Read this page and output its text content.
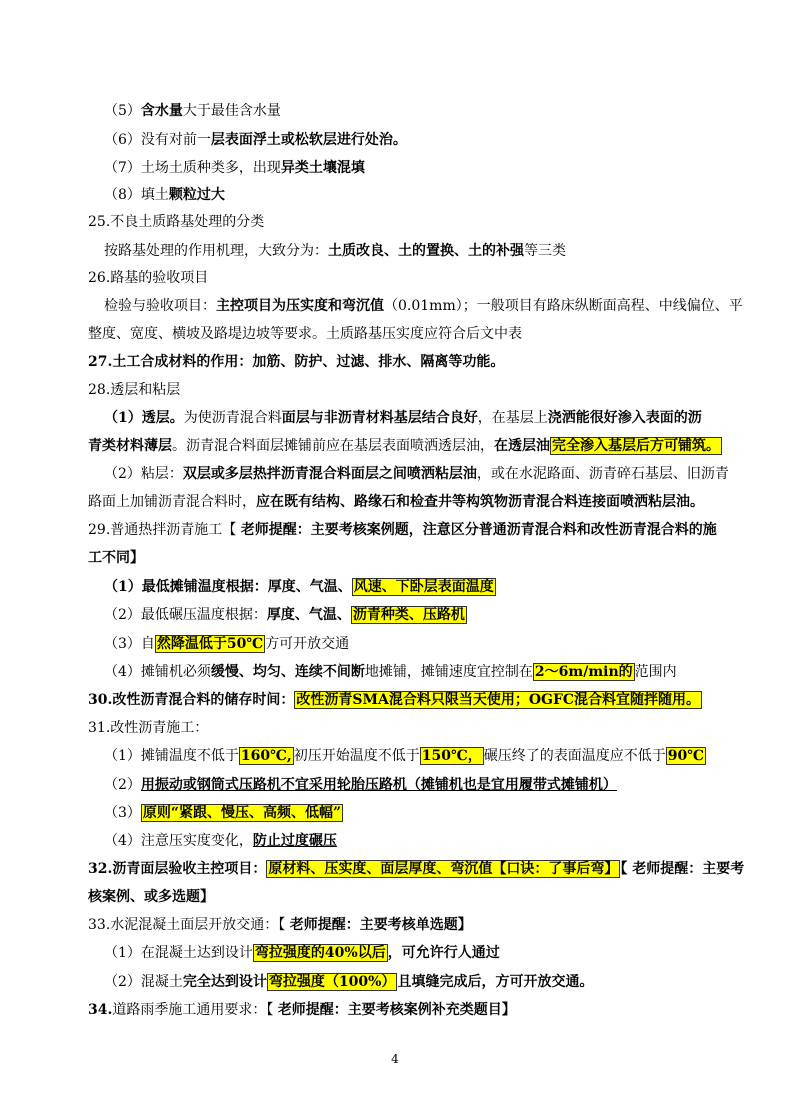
（5）含水量大于最佳含水量
（6）没有对前一层表面浮土或松软层进行处治。
（7）土场土质种类多，出现异类土壤混填
（8）填土颗粒过大
25.不良土质路基处理的分类
按路基处理的作用机理，大致分为：土质改良、土的置换、土的补强等三类
26.路基的验收项目
检验与验收项目：主控项目为压实度和弯沉值（0.01mm）；一般项目有路床纵断面高程、中线偏位、平
整度、宽度、横坡及路堤边坡等要求。土质路基压实度应符合后文中表
27.土工合成材料的作用：加筋、防护、过滤、排水、隔离等功能。
28.透层和粘层
（1）透层。为使沥青混合料面层与非沥青材料基层结合良好，在基层上浇洒能很好渗入表面的沥
青类材料薄层。沥青混合料面层摊铺前应在基层表面喷洒透层油，在透层油 完全渗入基层后方可铺筑。
（2）粘层：双层或多层热拌沥青混合料面层之间喷洒粘层油，或在水泥路面、沥青碎石基层、旧沥青
路面上加铺沥青混合料时，应在既有结构、路缘石和检查井等构筑物沥青混合料连接面喷洒粘层油。
29.普通热拌沥青施工【 老师提醒：主要考核案例题，注意区分普通沥青混合料和改性沥青混合料的施
工不同】
（1）最低摊铺温度根据：厚度、气温、 风速、下卧层表面温度
（2）最低碾压温度根据：厚度、气温、 沥青种类、压路机
（3）自 然降温低于50℃ 方可开放交通
（4）摊铺机必须缓慢、均匀、连续不间断地摊铺，摊铺速度宜控制在 2～6m/min的 范围内
30.改性沥青混合料的储存时间： 改性沥青SMA混合料只限当天使用；OGFC混合料宜随拌随用。
31.改性沥青施工：
（1）摊铺温度不低于 160℃, 初压开始温度不低于 150℃， 碾压终了的表面温度应不低于 90℃
（2）用振动或钢筒式压路机不宜采用轮胎压路机（摊铺机也是宜用履带式摊铺机）
（3） 原则“紧跟、慢压、高频、低幅”
（4）注意压实度变化，防止过度碾压
32.沥青面层验收主控项目： 原材料、压实度、面层厚度、弯沉值【口诀：了事后弯】 【 老师提醒：主要考
核案例、或多选题】
33.水泥混凝土面层开放交通：【 老师提醒：主要考核单选题】
（1）在混凝土达到设计 弯拉强度的40%以后 ，可允许行人通过
（2）混凝土完全达到设计 弯拉强度（100%） 且填缝完成后，方可开放交通。
34.道路雨季施工通用要求：【 老师提醒：主要考核案例补充类题目】
4
